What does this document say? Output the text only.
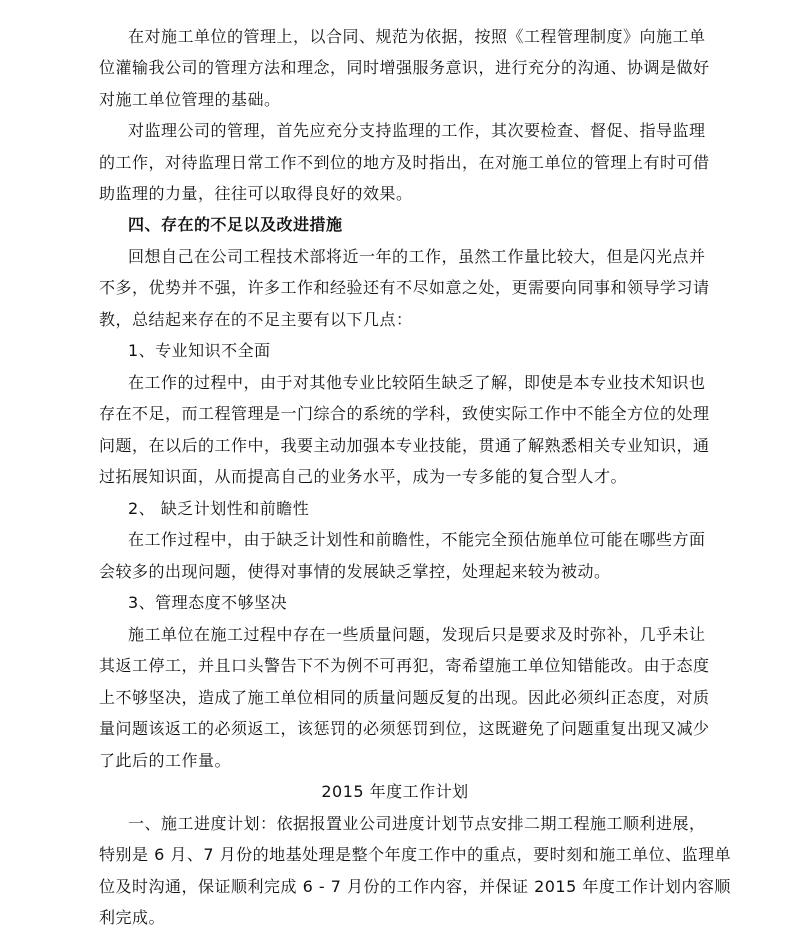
在对施工单位的管理上，以合同、规范为依据，按照《工程管理制度》向施工单
位灌输我公司的管理方法和理念，同时增强服务意识，进行充分的沟通、协调是做好
对施工单位管理的基础。
对监理公司的管理，首先应充分支持监理的工作，其次要检查、督促、指导监理
的工作，对待监理日常工作不到位的地方及时指出，在对施工单位的管理上有时可借
助监理的力量，往往可以取得良好的效果。
四、存在的不足以及改进措施
回想自己在公司工程技术部将近一年的工作，虽然工作量比较大，但是闪光点并
不多，优势并不强，许多工作和经验还有不尽如意之处，更需要向同事和领导学习请
教，总结起来存在的不足主要有以下几点：
1、专业知识不全面
在工作的过程中，由于对其他专业比较陌生缺乏了解，即使是本专业技术知识也
存在不足，而工程管理是一门综合的系统的学科，致使实际工作中不能全方位的处理
问题，在以后的工作中，我要主动加强本专业技能，贯通了解熟悉相关专业知识，通
过拓展知识面，从而提高自己的业务水平，成为一专多能的复合型人才。
2、 缺乏计划性和前瞻性
在工作过程中，由于缺乏计划性和前瞻性，不能完全预估施单位可能在哪些方面
会较多的出现问题，使得对事情的发展缺乏掌控，处理起来较为被动。
3、管理态度不够坚决
施工单位在施工过程中存在一些质量问题，发现后只是要求及时弥补，几乎未让
其返工停工，并且口头警告下不为例不可再犯，寄希望施工单位知错能改。由于态度
上不够坚决，造成了施工单位相同的质量问题反复的出现。因此必须纠正态度，对质
量问题该返工的必须返工，该惩罚的必须惩罚到位，这既避免了问题重复出现又减少
了此后的工作量。
2015 年度工作计划
一、施工进度计划：依据报置业公司进度计划节点安排二期工程施工顺利进展，
特别是 6 月、7 月份的地基处理是整个年度工作中的重点，要时刻和施工单位、监理单
位及时沟通，保证顺利完成 6 - 7 月份的工作内容，并保证 2015 年度工作计划内容顺
利完成。
